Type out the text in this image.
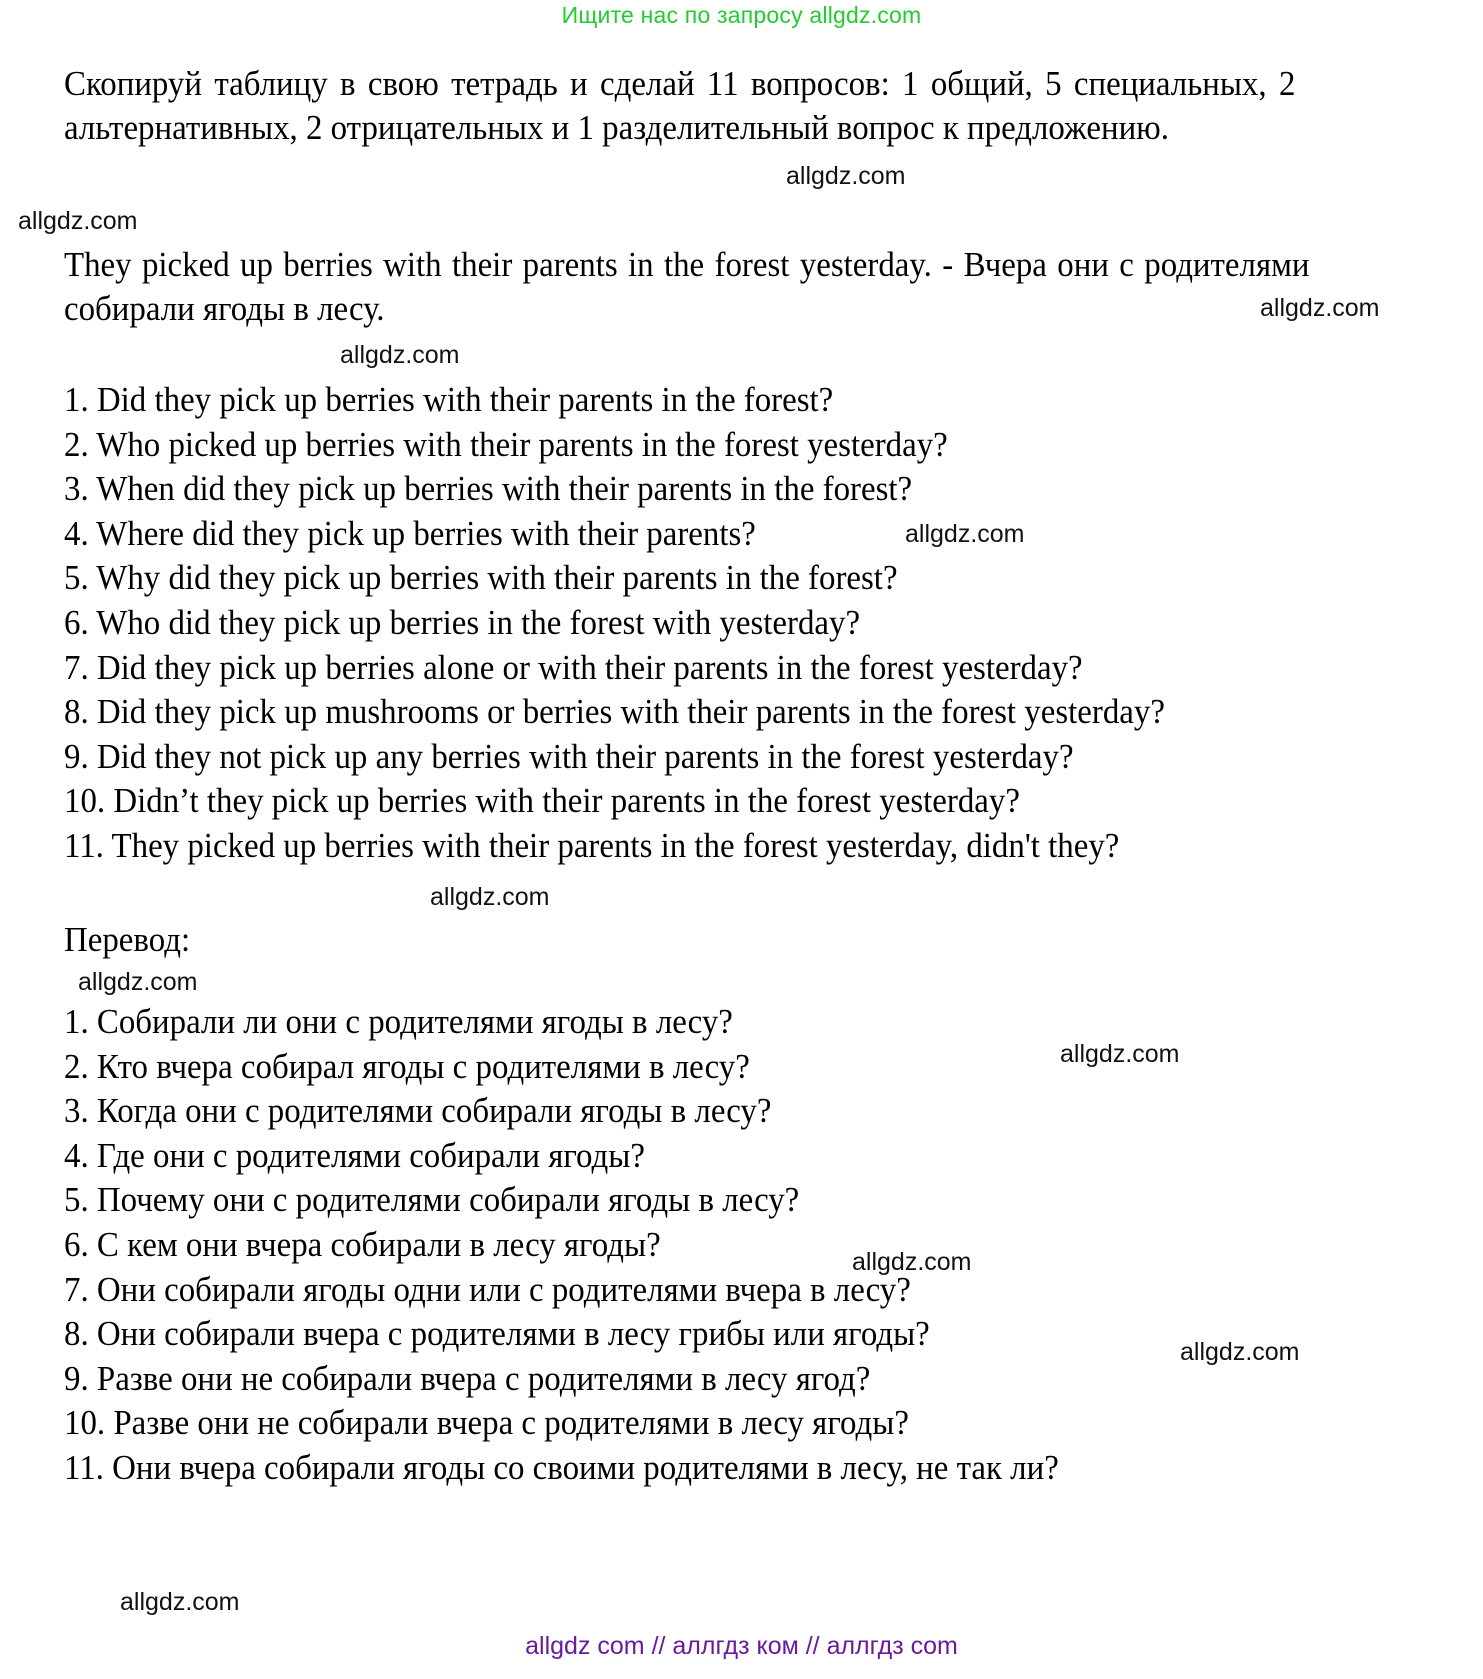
Ищите нас по запросу allgdz.com
Скопируй таблицу в свою тетрадь и сделай 11 вопросов: 1 общий, 5 специальных, 2 альтернативных, 2 отрицательных и 1 разделительный вопрос к предложению.
They picked up berries with their parents in the forest yesterday. - Вчера они с родителями собирали ягоды в лесу.
1. Did they pick up berries with their parents in the forest?
2. Who picked up berries with their parents in the forest yesterday?
3. When did they pick up berries with their parents in the forest?
4. Where did they pick up berries with their parents?
5. Why did they pick up berries with their parents in the forest?
6. Who did they pick up berries in the forest with yesterday?
7. Did they pick up berries alone or with their parents in the forest yesterday?
8. Did they pick up mushrooms or berries with their parents in the forest yesterday?
9. Did they not pick up any berries with their parents in the forest yesterday?
10. Didn’t they pick up berries with their parents in the forest yesterday?
11. They picked up berries with their parents in the forest yesterday, didn't they?
Перевод:
1. Собирали ли они с родителями ягоды в лесу?
2. Кто вчера собирал ягоды с родителями в лесу?
3. Когда они с родителями собирали ягоды в лесу?
4. Где они с родителями собирали ягоды?
5. Почему они с родителями собирали ягоды в лесу?
6. С кем они вчера собирали в лесу ягоды?
7. Они собирали ягоды одни или с родителями вчера в лесу?
8. Они собирали вчера с родителями в лесу грибы или ягоды?
9. Разве они не собирали вчера с родителями в лесу ягод?
10. Разве они не собирали вчера с родителями в лесу ягоды?
11. Они вчера собирали ягоды со своими родителями в лесу, не так ли?
allgdz.com
allgdz.com
allgdz.com
allgdz.com
allgdz.com
allgdz.com
allgdz.com
allgdz.com
allgdz.com
allgdz.com
allgdz.com
allgdz com // аллгдз ком // аллгдз com
